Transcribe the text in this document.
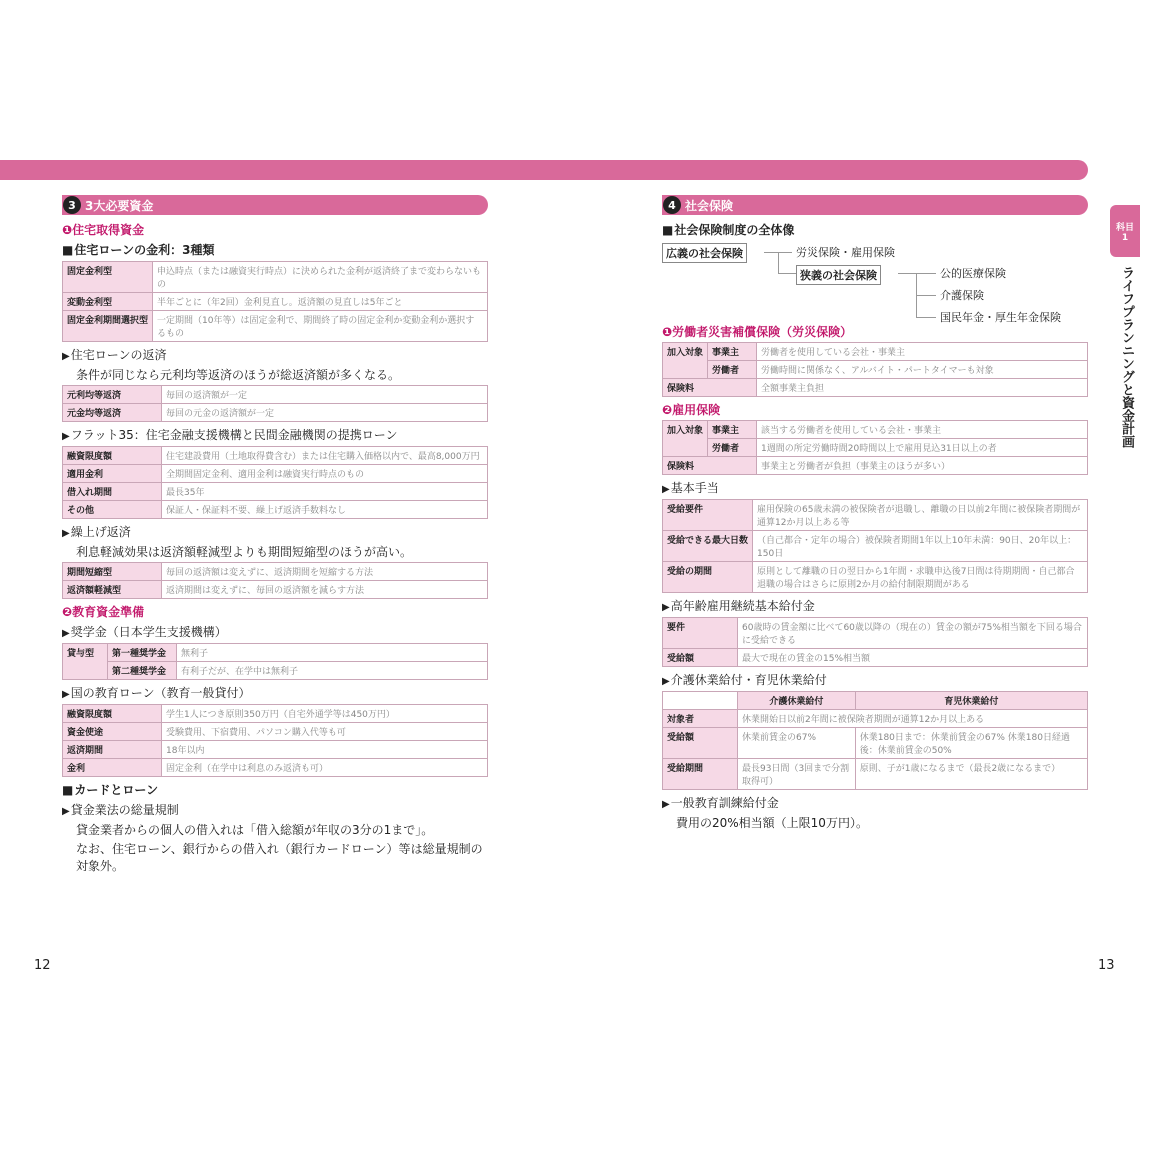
3 3大必要資金
❶住宅取得資金
■ 住宅ローンの金利：3種類
固定金利型	申込時点（または融資実行時点）に決められた金利が返済終了まで変わらないもの
変動金利型	半年ごとに（年2回）金利見直し。返済額の見直しは5年ごと
固定金利期間選択型	一定期間（10年等）は固定金利で、期間終了時の固定金利か変動金利か選択するもの
▶ 住宅ローンの返済
条件が同じなら元利均等返済のほうが総返済額が多くなる。
元利均等返済	毎回の返済額が一定
元金均等返済	毎回の元金の返済額が一定
▶ フラット35：住宅金融支援機構と民間金融機関の提携ローン
融資限度額	住宅建設費用（土地取得費含む）または住宅購入価格以内で、最高8,000万円
適用金利	全期間固定金利、適用金利は融資実行時点のもの
借入れ期間	最長35年
その他	保証人・保証料不要、繰上げ返済手数料なし
▶ 繰上げ返済
利息軽減効果は返済額軽減型よりも期間短縮型のほうが高い。
期間短縮型	毎回の返済額は変えずに、返済期間を短縮する方法
返済額軽減型	返済期間は変えずに、毎回の返済額を減らす方法
❷教育資金準備
▶ 奨学金（日本学生支援機構）
貸与型	第一種奨学金	無利子
	第二種奨学金	有利子だが、在学中は無利子
▶ 国の教育ローン（教育一般貸付）
融資限度額	学生1人につき原則350万円（自宅外通学等は450万円）
資金使途	受験費用、下宿費用、パソコン購入代等も可
返済期間	18年以内
金利	固定金利（在学中は利息のみ返済も可）
■ カードとローン
▶ 貸金業法の総量規制
貸金業者からの個人の借入れは「借入総額が年収の3分の1まで」。
なお、住宅ローン、銀行からの借入れ（銀行カードローン）等は総量規制の対象外。
12
4 社会保険
■ 社会保険制度の全体像
広義の社会保険	労災保険・雇用保険
狭義の社会保険	公的医療保険
介護保険
国民年金・厚生年金保険
❶労働者災害補償保険（労災保険）
加入対象	事業主	労働者を使用している会社・事業主
	労働者	労働時間に関係なく、アルバイト・パートタイマーも対象
保険料		全額事業主負担
❷雇用保険
加入対象	事業主	該当する労働者を使用している会社・事業主
	労働者	1週間の所定労働時間20時間以上で雇用見込31日以上の者
保険料		事業主と労働者が負担（事業主のほうが多い）
▶ 基本手当
受給要件	雇用保険の65歳未満の被保険者が退職し、離職の日以前2年間に被保険者期間が通算12か月以上ある等
受給できる最大日数	（自己都合・定年の場合）被保険者期間1年以上10年未満：90日、20年以上：150日
受給の期間	原則として離職の日の翌日から1年間・求職申込後7日間は待期期間・自己都合退職の場合はさらに原則2か月の給付制限期間がある
▶ 高年齢雇用継続基本給付金
要件	60歳時の賃金額に比べて60歳以降の（現在の）賃金の額が75%相当額を下回る場合に受給できる
受給額	最大で現在の賃金の15%相当額
▶ 介護休業給付・育児休業給付
	介護休業給付	育児休業給付
対象者	休業開始日以前2年間に被保険者期間が通算12か月以上ある	
受給額	休業前賃金の67%	休業180日まで：休業前賃金の67% 休業180日経過後：休業前賃金の50%
受給期間	最長93日間（3回まで分割取得可）	原則、子が1歳になるまで（最長2歳になるまで）
▶ 一般教育訓練給付金
費用の20%相当額（上限10万円）。
13
科目
1
ライフプランニングと資金計画
